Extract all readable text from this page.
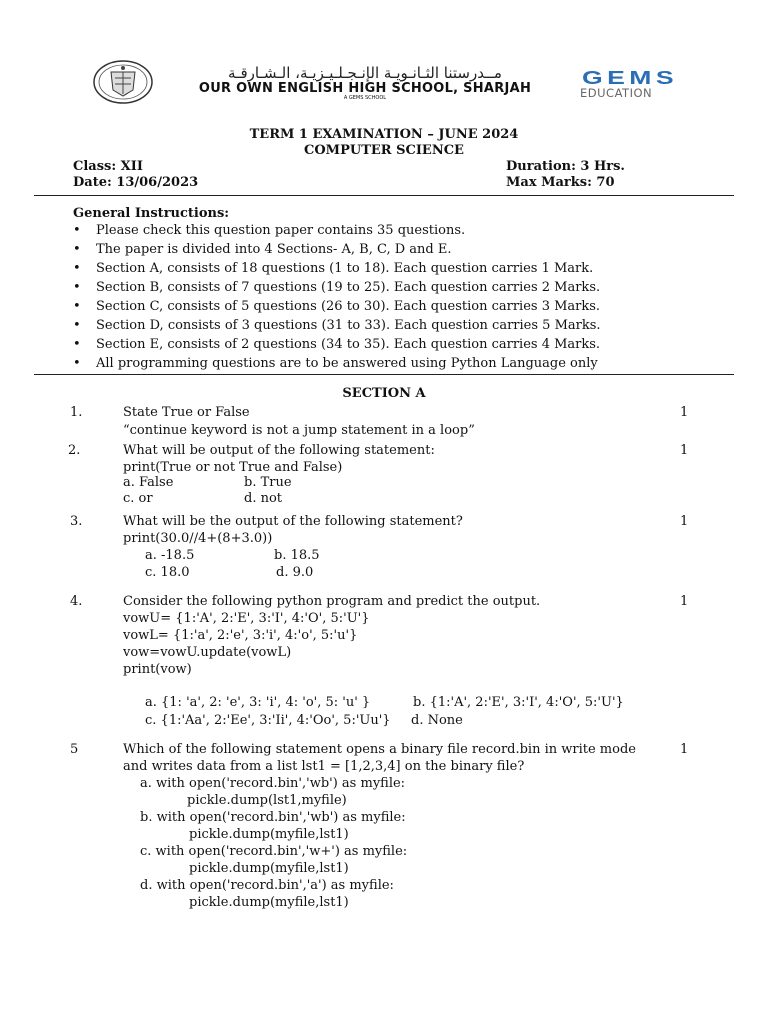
مــدرستنا الثـانـويـة الإنـجـلـيـزيـة، الـشـارقـة
OUR OWN ENGLISH HIGH SCHOOL, SHARJAH
A GEMS SCHOOL
GEMS
EDUCATION
TERM 1 EXAMINATION – JUNE 2024
COMPUTER SCIENCE
Class: XII
Date: 13/06/2023
Duration: 3 Hrs.
Max Marks: 70
General Instructions:
• Please check this question paper contains 35 questions.
• The paper is divided into 4 Sections- A, B, C, D and E.
• Section A, consists of 18 questions (1 to 18). Each question carries 1 Mark.
• Section B, consists of 7 questions (19 to 25). Each question carries 2 Marks.
• Section C, consists of 5 questions (26 to 30). Each question carries 3 Marks.
• Section D, consists of 3 questions (31 to 33). Each question carries 5 Marks.
• Section E, consists of 2 questions (34 to 35). Each question carries 4 Marks.
• All programming questions are to be answered using Python Language only
SECTION A
1.	State True or False
“continue keyword is not a jump statement in a loop”
1
2.	What will be output of the following statement:
print(True or not True and False)
a. False	b. True
c. or	d. not
1
3.	What will be the output of the following statement?
print(30.0//4+(8+3.0))
a. -18.5	b. 18.5
c. 18.0	d. 9.0
1
4.	Consider the following python program and predict the output.
vowU= {1:'A', 2:'E', 3:'I', 4:'O', 5:'U'}
vowL= {1:'a', 2:'e', 3:'i', 4:'o', 5:'u'}
vow=vowU.update(vowL)
print(vow)
a. {1: 'a', 2: 'e', 3: 'i', 4: 'o', 5: 'u' }	b. {1:'A', 2:'E', 3:'I', 4:'O', 5:'U'}
c. {1:'Aa', 2:'Ee', 3:'Ii', 4:'Oo', 5:'Uu'} d. None
1
5	Which of the following statement opens a binary file record.bin in write mode
and writes data from a list lst1 = [1,2,3,4] on the binary file?
1
a. with open('record.bin','wb') as myfile:
pickle.dump(lst1,myfile)
b. with open('record.bin','wb') as myfile:
pickle.dump(myfile,lst1)
c. with open('record.bin','w+') as myfile:
pickle.dump(myfile,lst1)
d. with open('record.bin','a') as myfile:
pickle.dump(myfile,lst1)
